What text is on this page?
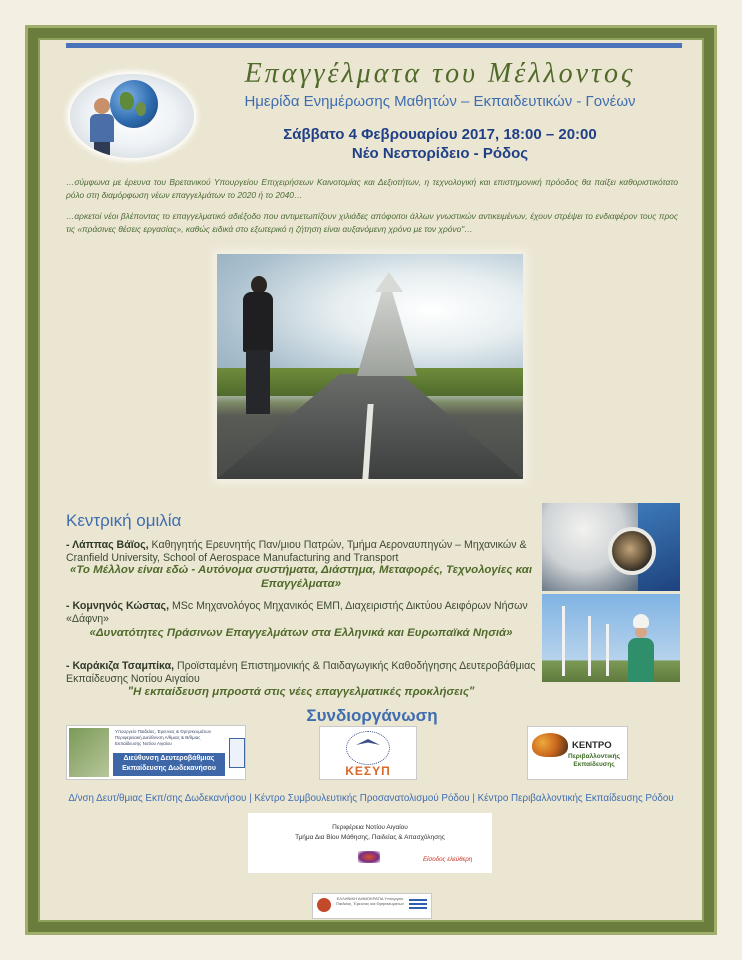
Επαγγέλματα του Μέλλοντος
Ημερίδα Ενημέρωσης Μαθητών – Εκπαιδευτικών - Γονέων
Σάββατο 4 Φεβρουαρίου 2017, 18:00 – 20:00
Νέο Νεστορίδειο - Ρόδος
…σύμφωνα με έρευνα του Βρετανικού Υπουργείου Επιχειρήσεων Καινοτομίας και Δεξιοτήτων, η τεχνολογική και επιστημονική πρόοδος θα παίξει καθοριστικότατο ρόλο στη διαμόρφωση νέων επαγγελμάτων το 2020 ή το 2040…
…αρκετοί νέοι βλέποντας το επαγγελματικό αδιέξοδο που αντιμετωπίζουν χιλιάδες απόφοιτοι άλλων γνωστικών αντικειμένων, έχουν στρέψει το ενδιαφέρον τους προς τις «πράσινες θέσεις εργασίας», καθώς ειδικά στο εξωτερικό η ζήτηση είναι αυξανόμενη χρόνο με τον χρόνο"…
Κεντρική ομιλία
- Λάππας Βάϊος, Καθηγητής Ερευνητής Παν/μιου Πατρών, Τμήμα Αεροναυπηγών – Μηχανικών & Cranfield University, School of Aerospace Manufacturing and Transport
«Το Μέλλον είναι εδώ - Αυτόνομα συστήματα, Διάστημα, Μεταφορές, Τεχνολογίες και Επαγγέλματα»
- Κομνηνός Κώστας, MSc Μηχανολόγος Μηχανικός ΕΜΠ, Διαχειριστής Δικτύου Αειφόρων Νήσων «Δάφνη»
«Δυνατότητες Πράσινων Επαγγελμάτων στα Ελληνικά και Ευρωπαϊκά Νησιά»
- Καράκιζα Τσαμπίκα, Προϊσταμένη Επιστημονικής & Παιδαγωγικής Καθοδήγησης Δευτεροβάθμιας Εκπαίδευσης Νοτίου Αιγαίου
"Η εκπαίδευση μπροστά στις νέες επαγγελματικές προκλήσεις"
Συνδιοργάνωση
Υπουργείο Παιδείας, Έρευνας & Θρησκευμάτων Περιφερειακή Διεύθυνση Α/θμιας & Β/θμιας Εκπαίδευσης Νοτίου Αιγαίου
Διεύθυνση Δευτεροβάθμιας Εκπαίδευσης Δωδεκανήσου	ΚΕΣΥΠ
ΚΕΝΤΡΟ
Περιβαλλοντικής Εκπαίδευσης
Δ/νση Δευτ/θμιας Εκπ/σης Δωδεκανήσου | Κέντρο Συμβουλευτικής Προσανατολισμού Ρόδου | Κέντρο Περιβαλλοντικής Εκπαίδευσης Ρόδου
Περιφέρεια Νοτίου Αιγαίου
Τμήμα Δια Βίου Μάθησης, Παιδείας & Απασχόλησης
Είσοδος ελεύθερη
ΕΛΛΗΝΙΚΗ ΔΗΜΟΚΡΑΤΙΑ Υπουργείο Παιδείας, Έρευνας και Θρησκευμάτων
